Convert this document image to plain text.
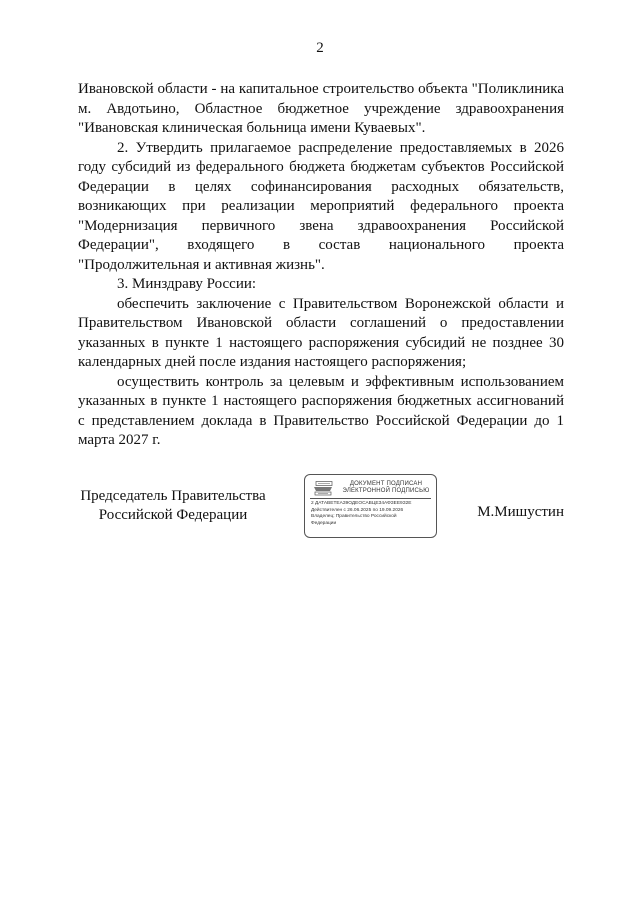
2

Ивановской области - на капитальное строительство объекта "Поликлиника м. Авдотьино, Областное бюджетное учреждение здравоохранения "Ивановская клиническая больница имени Куваевых".

2. Утвердить прилагаемое распределение предоставляемых в 2026 году субсидий из федерального бюджета бюджетам субъектов Российской Федерации в целях софинансирования расходных обязательств, возникающих при реализации мероприятий федерального проекта "Модернизация первичного звена здравоохранения Российской Федерации", входящего в состав национального проекта "Продолжительная и активная жизнь".

3. Минздраву России:

обеспечить заключение с Правительством Воронежской области и Правительством Ивановской области соглашений о предоставлении указанных в пункте 1 настоящего распоряжения субсидий не позднее 30 календарных дней после издания настоящего распоряжения;

осуществить контроль за целевым и эффективным использованием указанных в пункте 1 настоящего распоряжения бюджетных ассигнований с представлением доклада в Правительство Российской Федерации до 1 марта 2027 г.

Председатель Правительства
Российской Федерации	М.Мишустин
ДОКУМЕНТ ПОДПИСАН
ЭЛЕКТРОННОЙ ПОДПИСЬЮ
2 ДАТАВЕТЕАЗ9ОДЕОСАВЦЕЗ4АФЗЕЕ9З2Е
Действителен с 26.06.2025 по 19.09.2026
Владелец: Правительство Российской
Федерации
